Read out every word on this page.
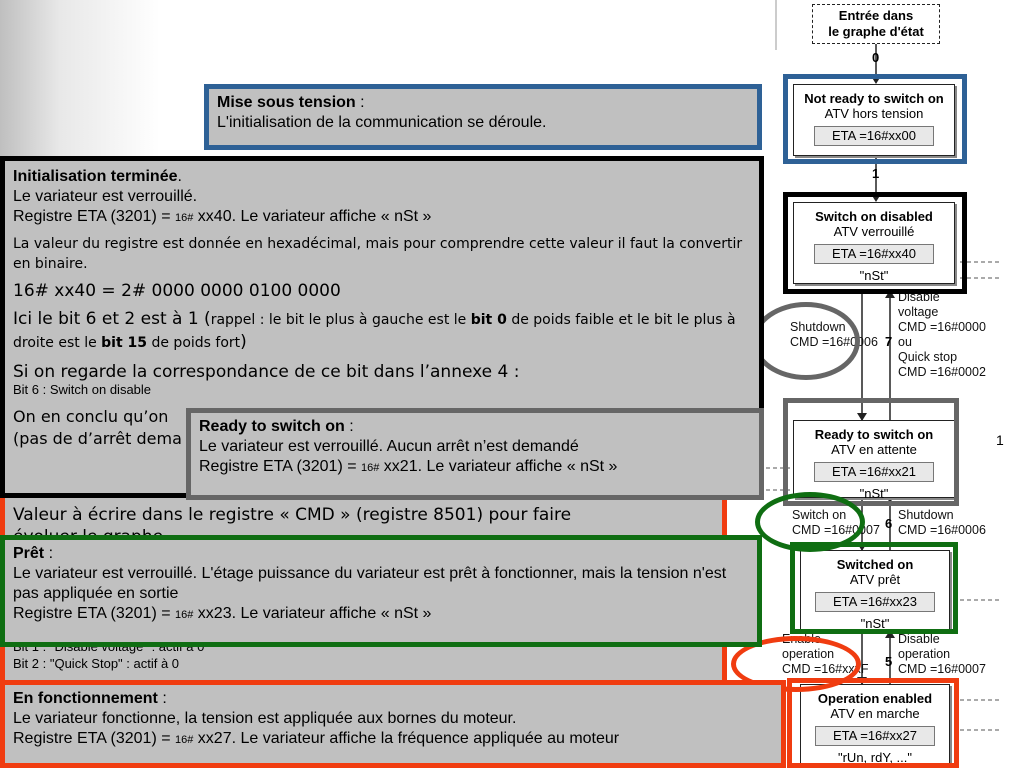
Entrée dans
le graphe d'état
0
Not ready to switch on
ATV hors tension
ETA =16#xx00
1
Switch on disabled
ATV verrouillé
ETA =16#xx40
"nSt"
Shutdown
CMD =16#0006 7
Disable
voltage
CMD =16#0000
ou
Quick stop
CMD =16#0002
Ready to switch on
ATV en attente
ETA =16#xx21
"nSt"
1
Switch on
CMD =16#0007 6
Shutdown
CMD =16#0006
Switched on
ATV prêt
ETA =16#xx23
"nSt"
Enable
operation
CMD =16#xxxF 5
Disable
operation
CMD =16#0007
Operation enabled
ATV en marche
ETA =16#xx27
"rUn, rdY, ..."
Valeur à écrire dans le registre « CMD » (registre 8501) pour faire

Bit 2 : "Quick Stop" : actif à 0
Initialisation terminée.
Le variateur est verrouillé.
Registre ETA (3201) = 16# xx40. Le variateur affiche « nSt »
La valeur du registre est donnée en hexadécimal, mais pour comprendre cette valeur il faut la convertir en binaire.
16# xx40 = 2# 0000 0000 0100 0000
Ici le bit 6 et 2 est à 1 (rappel : le bit le plus à gauche est le bit 0 de poids faible et le bit le plus à droite est le bit 15 de poids fort)
Si on regarde la correspondance de ce bit dans l’annexe 4 :
Bit 6 : Switch on disable
On en conclu qu’on
(pas de d’arrêt dema
Mise sous tension :
L'initialisation de la communication se déroule.
Ready to switch on :
Le variateur est verrouillé. Aucun arrêt n’est demandé
Registre ETA (3201) = 16# xx21. Le variateur affiche « nSt »
Prêt :
Le variateur est verrouillé. L'étage puissance du variateur est prêt à fonctionner, mais la tension n'est pas appliquée en sortie
Registre ETA (3201) = 16# xx23. Le variateur affiche « nSt »
En fonctionnement :
Le variateur fonctionne, la tension est appliquée aux bornes du moteur.
Registre ETA (3201) = 16# xx27. Le variateur affiche la fréquence appliquée au moteur
